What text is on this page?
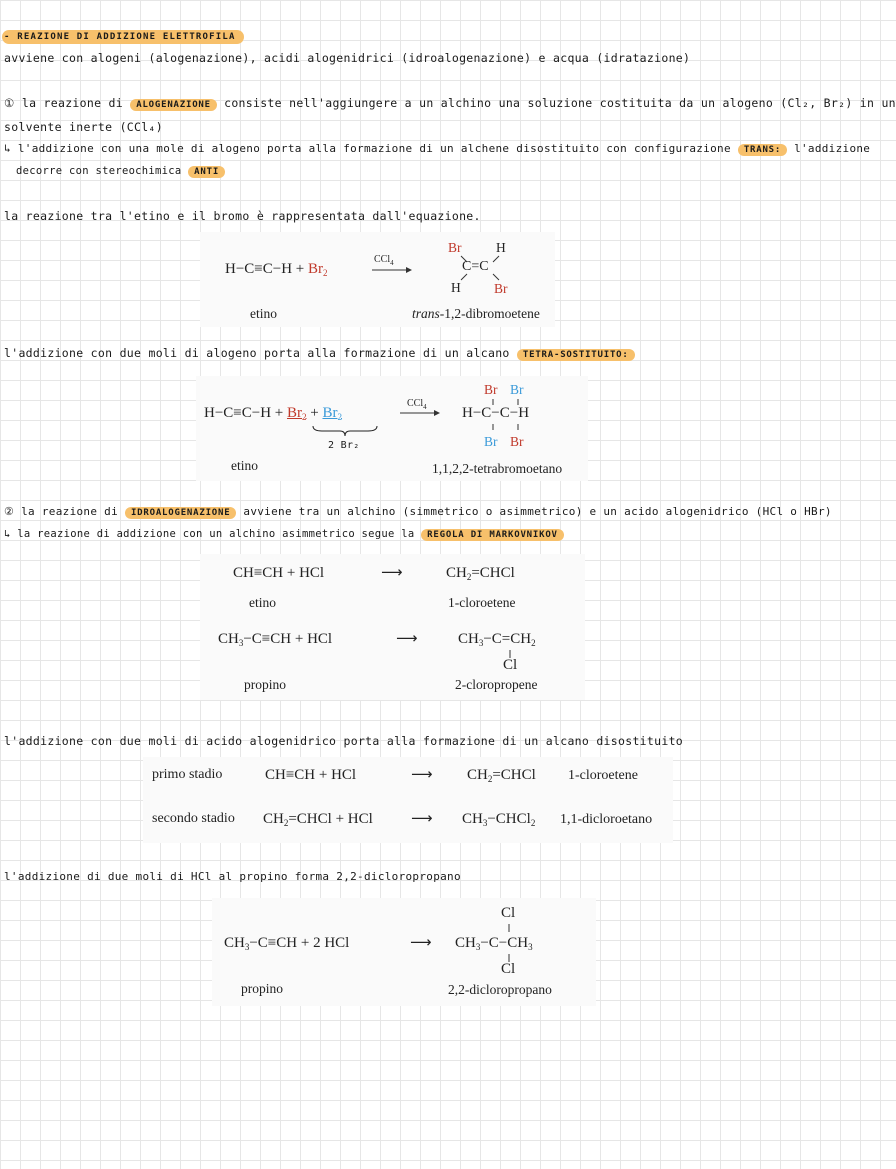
- REAZIONE DI ADDIZIONE ELETTROFILA
avviene con alogeni (alogenazione), acidi alogenidrici (idroalogenazione) e acqua (idratazione)
① la reazione di ALOGENAZIONE consiste nell'aggiungere a un alchino una soluzione costituita da un alogeno (Cl₂, Br₂) in un
solvente inerte (CCl₄)
↳ l'addizione con una mole di alogeno porta alla formazione di un alchene disostituito con configurazione TRANS: l'addizione
decorre con stereochimica ANTI
la reazione tra l'etino e il bromo è rappresentata dall'equazione.
$H-C\equiv C-H + Br_2$
CCl$_4$
Br	H
C=C
H Br
etino	trans-1,2-dibromoetene
l'addizione con due moli di alogeno porta alla formazione di un alcano TETRA-SOSTITUITO:
$H-C\equiv C-H + Br_2 + Br_2$
2 Br₂
CCl$_4$
Br Br
H−C−C−H
Br Br
etino	1,1,2,2-tetrabromoetano
② la reazione di IDROALOGENAZIONE avviene tra un alchino (simmetrico o asimmetrico) e un acido alogenidrico (HCl o HBr)
↳ la reazione di addizione con un alchino asimmetrico segue la REGOLA DI MARKOVNIKOV
CH≡CH + HCl	⟶	$CH_2=CHCl$
etino	1-cloroetene
$CH_3-C\equiv CH$ + HCl	⟶	$CH_3-C=CH_2$
Cl
propino	2-cloropropene
l'addizione con due moli di acido alogenidrico porta alla formazione di un alcano disostituito
primo stadio	CH≡CH + HCl	⟶ $CH_2=CHCl$ 1-cloroetene
secondo stadio $CH_2=CHCl$ + HCl	⟶ $CH_3-CHCl_2$ 1,1-dicloroetano
l'addizione di due moli di HCl al propino forma 2,2-dicloropropano
Cl
$CH_3-C\equiv CH + 2$ HCl	⟶ $CH_3-C-CH_3$
Cl
propino	2,2-dicloropropano
